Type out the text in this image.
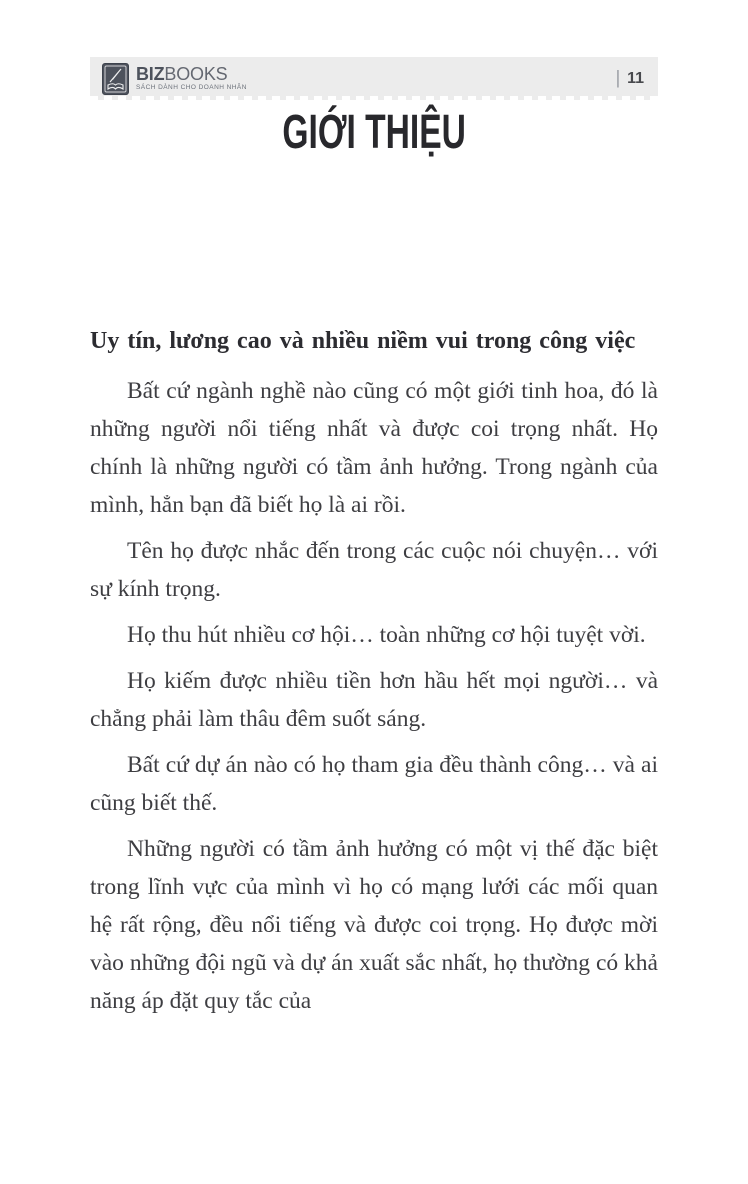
BIZBOOKS
SÁCH DÀNH CHO DOANH NHÂN
| 11
GIỚI THIỆU
Uy tín, lương cao và nhiều niềm vui trong công việc

Bất cứ ngành nghề nào cũng có một giới tinh hoa, đó là những người nổi tiếng nhất và được coi trọng nhất. Họ chính là những người có tầm ảnh hưởng. Trong ngành của mình, hẳn bạn đã biết họ là ai rồi.

Tên họ được nhắc đến trong các cuộc nói chuyện… với sự kính trọng.

Họ thu hút nhiều cơ hội… toàn những cơ hội tuyệt vời.

Họ kiếm được nhiều tiền hơn hầu hết mọi người… và chẳng phải làm thâu đêm suốt sáng.

Bất cứ dự án nào có họ tham gia đều thành công… và ai cũng biết thế.

Những người có tầm ảnh hưởng có một vị thế đặc biệt trong lĩnh vực của mình vì họ có mạng lưới các mối quan hệ rất rộng, đều nổi tiếng và được coi trọng. Họ được mời vào những đội ngũ và dự án xuất sắc nhất, họ thường có khả năng áp đặt quy tắc của
